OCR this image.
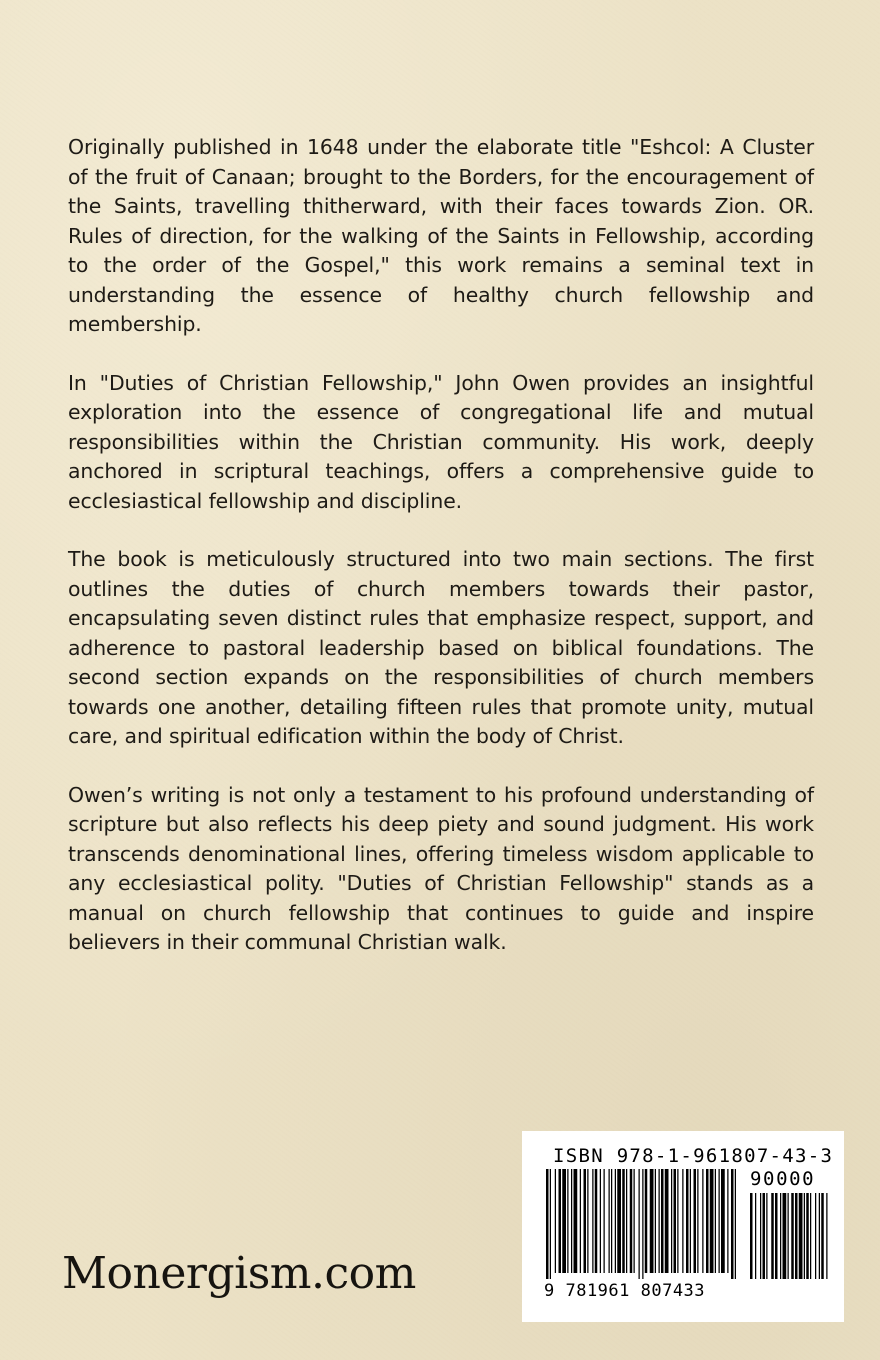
Originally published in 1648 under the elaborate title "Eshcol: A Cluster of the fruit of Canaan; brought to the Borders, for the encouragement of the Saints, travelling thitherward, with their faces towards Zion. OR. Rules of direction, for the walking of the Saints in Fellowship, according to the order of the Gospel," this work remains a seminal text in understanding the essence of healthy church fellowship and membership.

In "Duties of Christian Fellowship," John Owen provides an insightful exploration into the essence of congregational life and mutual responsibilities within the Christian community. His work, deeply anchored in scriptural teachings, offers a comprehensive guide to ecclesiastical fellowship and discipline.

The book is meticulously structured into two main sections. The first outlines the duties of church members towards their pastor, encapsulating seven distinct rules that emphasize respect, support, and adherence to pastoral leadership based on biblical foundations. The second section expands on the responsibilities of church members towards one another, detailing fifteen rules that promote unity, mutual care, and spiritual edification within the body of Christ.

Owen’s writing is not only a testament to his profound understanding of scripture but also reflects his deep piety and sound judgment. His work transcends denominational lines, offering timeless wisdom applicable to any ecclesiastical polity. "Duties of Christian Fellowship" stands as a manual on church fellowship that continues to guide and inspire believers in their communal Christian walk.

Monergism.com
ISBN 978-1-961807-43-3
90000
9 781961 807433
